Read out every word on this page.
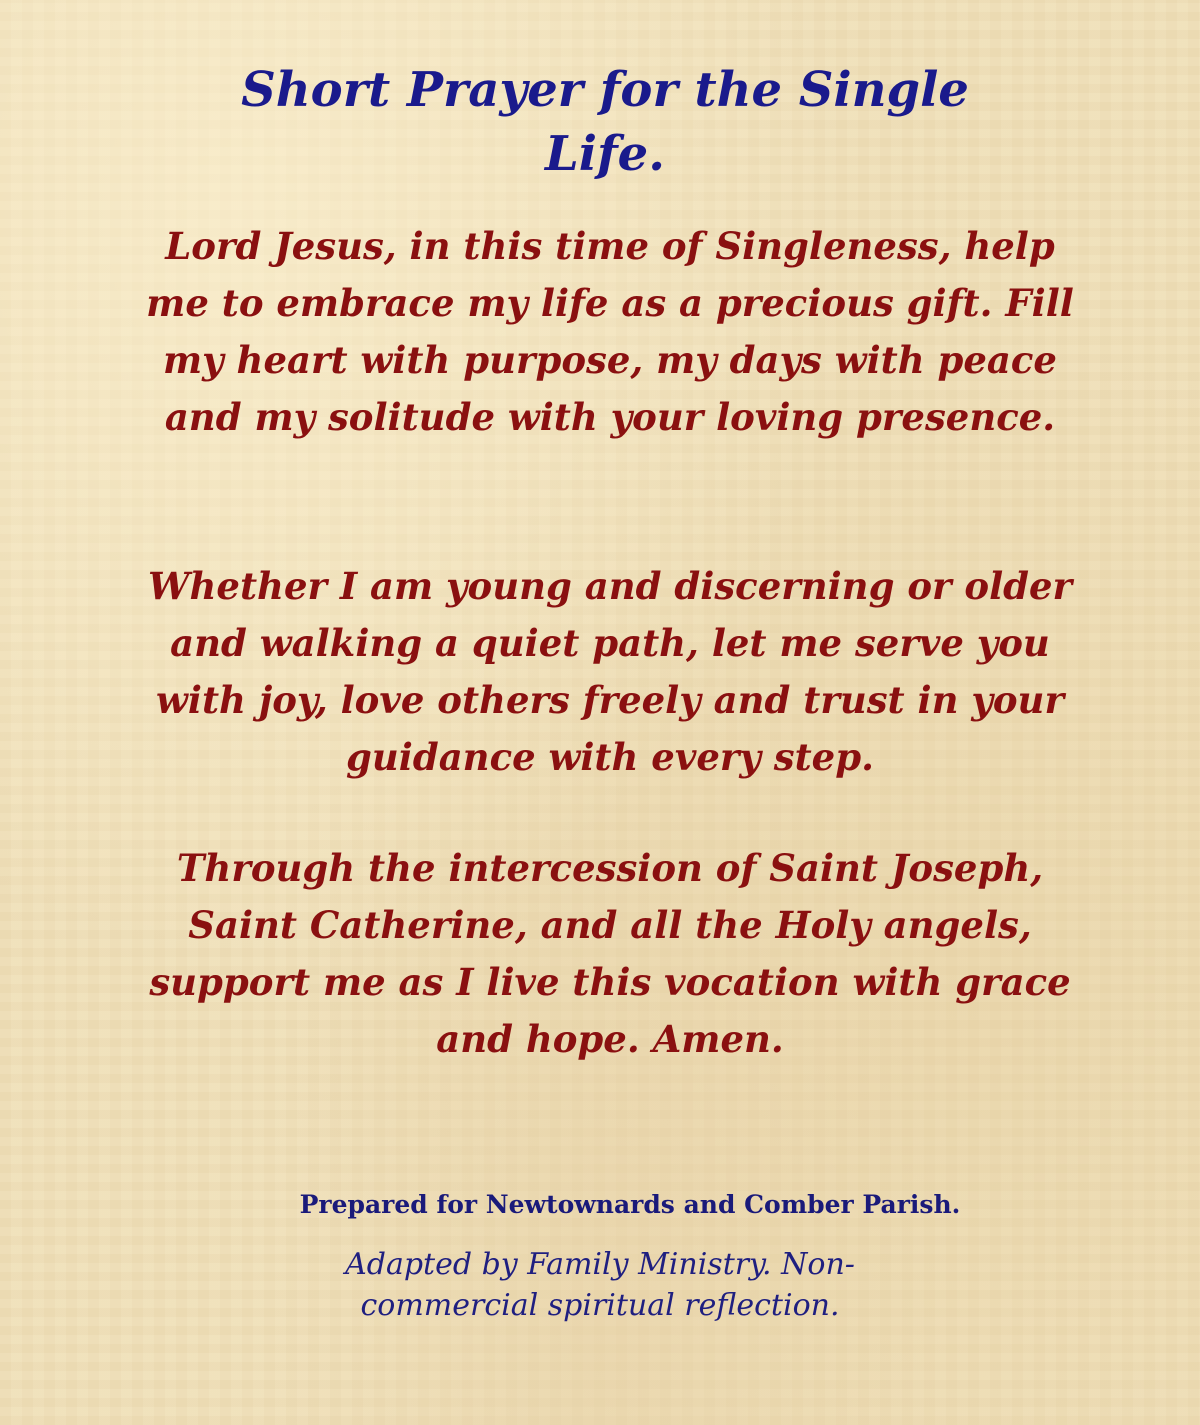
Short Prayer for the Single Life.

Lord Jesus, in this time of Singleness, help me to embrace my life as a precious gift. Fill my heart with purpose, my days with peace and my solitude with your loving presence.

Whether I am young and discerning or older and walking a quiet path, let me serve you with joy, love others freely and trust in your guidance with every step.

Through the intercession of Saint Joseph, Saint Catherine, and all the Holy angels, support me as I live this vocation with grace and hope. Amen.

Prepared for Newtownards and Comber Parish.

Adapted by Family Ministry. Non- commercial spiritual reflection.
